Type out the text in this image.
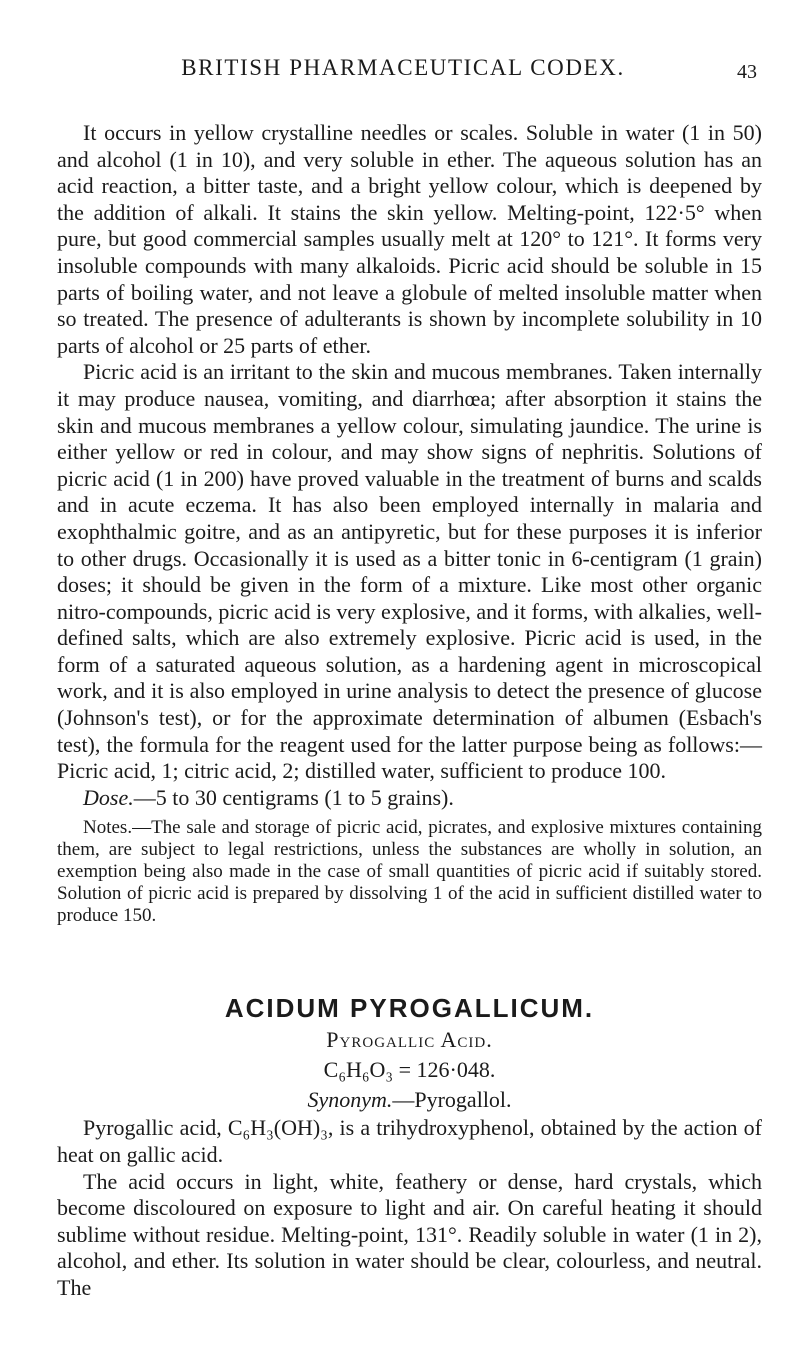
BRITISH PHARMACEUTICAL CODEX.	43

It occurs in yellow crystalline needles or scales. Soluble in water (1 in 50) and alcohol (1 in 10), and very soluble in ether. The aqueous solution has an acid reaction, a bitter taste, and a bright yellow colour, which is deepened by the addition of alkali. It stains the skin yellow. Melting-point, 122·5° when pure, but good commercial samples usually melt at 120° to 121°. It forms very insoluble compounds with many alkaloids. Picric acid should be soluble in 15 parts of boiling water, and not leave a globule of melted insoluble matter when so treated. The presence of adulterants is shown by incomplete solubility in 10 parts of alcohol or 25 parts of ether.

Picric acid is an irritant to the skin and mucous membranes. Taken internally it may produce nausea, vomiting, and diarrhœa; after absorption it stains the skin and mucous membranes a yellow colour, simulating jaundice. The urine is either yellow or red in colour, and may show signs of nephritis. Solutions of picric acid (1 in 200) have proved valuable in the treatment of burns and scalds and in acute eczema. It has also been employed internally in malaria and exophthalmic goitre, and as an antipyretic, but for these purposes it is inferior to other drugs. Occasionally it is used as a bitter tonic in 6-centigram (1 grain) doses; it should be given in the form of a mixture. Like most other organic nitro-compounds, picric acid is very explosive, and it forms, with alkalies, well-defined salts, which are also extremely explosive. Picric acid is used, in the form of a saturated aqueous solution, as a hardening agent in microscopical work, and it is also employed in urine analysis to detect the presence of glucose (Johnson's test), or for the approximate determination of albumen (Esbach's test), the formula for the reagent used for the latter purpose being as follows:—Picric acid, 1; citric acid, 2; distilled water, sufficient to produce 100.

Dose.—5 to 30 centigrams (1 to 5 grains).

Notes.—The sale and storage of picric acid, picrates, and explosive mixtures containing them, are subject to legal restrictions, unless the substances are wholly in solution, an exemption being also made in the case of small quantities of picric acid if suitably stored. Solution of picric acid is prepared by dissolving 1 of the acid in sufficient distilled water to produce 150.

ACIDUM PYROGALLICUM.

Pyrogallic Acid.

C₆H₆O₃ = 126·048.

Synonym.—Pyrogallol.

Pyrogallic acid, C₆H₃(OH)₃, is a trihydroxyphenol, obtained by the action of heat on gallic acid.

The acid occurs in light, white, feathery or dense, hard crystals, which become discoloured on exposure to light and air. On careful heating it should sublime without residue. Melting-point, 131°. Readily soluble in water (1 in 2), alcohol, and ether. Its solution in water should be clear, colourless, and neutral. The
